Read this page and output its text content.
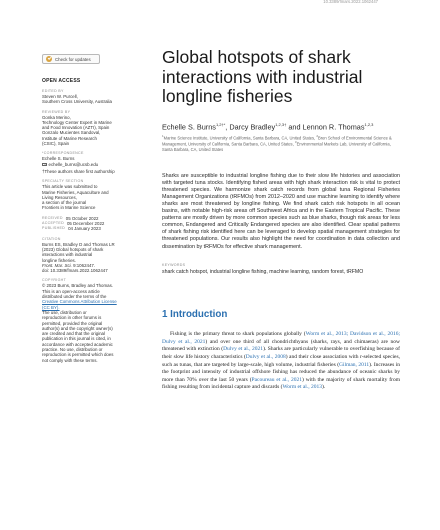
10.3389/fmars.2022.1062447
Check for updates
OPEN ACCESS
EDITED BY
Steven W. Purcell,
Southern Cross University, Australia
REVIEWED BY
Gonka Merino,
Technology Center Expert in Marine
and Food Innovation (AZTI), Spain
Gonzalo Mucientes Sandoval,
Institute of Marine Research
(CSIC), Spain
*CORRESPONDENCE
Echelle S. Burns
echelle_burns@ucsb.edu
†These authors share first authorship
SPECIALTY SECTION
This article was submitted to
Marine Fisheries, Aquaculture and
Living Resources,
a section of the journal
Frontiers in Marine Science
RECEIVED 05 October 2022
ACCEPTED 05 December 2022
PUBLISHED 04 January 2023
CITATION
Burns ES, Bradley D and Thomas LR
(2023) Global hotspots of shark
interactions with industrial
longline fisheries.
Front. Mar. Sci. 9:1062447.
doi: 10.3389/fmars.2022.1062447
COPYRIGHT
© 2023 Burns, Bradley and Thomas.
This is an open-access article
distributed under the terms of the
Creative Commons Attribution License
(CC BY).
The use, distribution or
reproduction in other forums is
permitted, provided the original
author(s) and the copyright owner(s)
are credited and that the original
publication in this journal is cited, in
accordance with accepted academic
practice. No use, distribution or
reproduction is permitted which does
not comply with these terms.
Global hotspots of shark interactions with industrial longline fisheries
Echelle S. Burns$^{1,2\dagger*}$, Darcy Bradley$^{1,2,3\dagger}$ and Lennon R. Thomas$^{1,2,3}$
$^1$Marine Science Institute, University of California, Santa Barbara, CA, United States, $^2$Bren School of Environmental Science & Management, University of California, Santa Barbara, CA, United States, $^3$Environmental Markets Lab, University of California, Santa Barbara, CA, United States

Sharks are susceptible to industrial longline fishing due to their slow life histories and association with targeted tuna stocks. Identifying fished areas with high shark interaction risk is vital to protect threatened species. We harmonize shark catch records from global tuna Regional Fisheries Management Organizations (tRFMOs) from 2012–2020 and use machine learning to identify where sharks are most threatened by longline fishing. We find shark catch risk hotspots in all ocean basins, with notable high-risk areas off Southwest Africa and in the Eastern Tropical Pacific. These patterns are mostly driven by more common species such as blue sharks, though risk areas for less common, Endangered and Critically Endangered species are also identified. Clear spatial patterns of shark fishing risk identified here can be leveraged to develop spatial management strategies for threatened populations. Our results also highlight the need for coordination in data collection and dissemination by tRFMOs for effective shark management.

KEYWORDS
shark catch hotspot, industrial longline fishing, machine learning, random forest, tRFMO
1 Introduction

Fishing is the primary threat to shark populations globally (Worm et al., 2013; Davidson et al., 2016; Dulvy et al., 2021) and over one third of all chondrichthyans (sharks, rays, and chimaeras) are now threatened with extinction (Dulvy et al., 2021). Sharks are particularly vulnerable to overfishing because of their slow life history characteristics (Dulvy et al., 2008) and their close association with r-selected species, such as tunas, that are targeted by large-scale, high volume, industrial fisheries (Gilman, 2011). Increases in the footprint and intensity of industrial offshore fishing has reduced the abundance of oceanic sharks by more than 70% over the last 50 years (Pacoureau et al., 2021) with the majority of shark mortality from fishing resulting from incidental capture and discards (Worm et al., 2013).
